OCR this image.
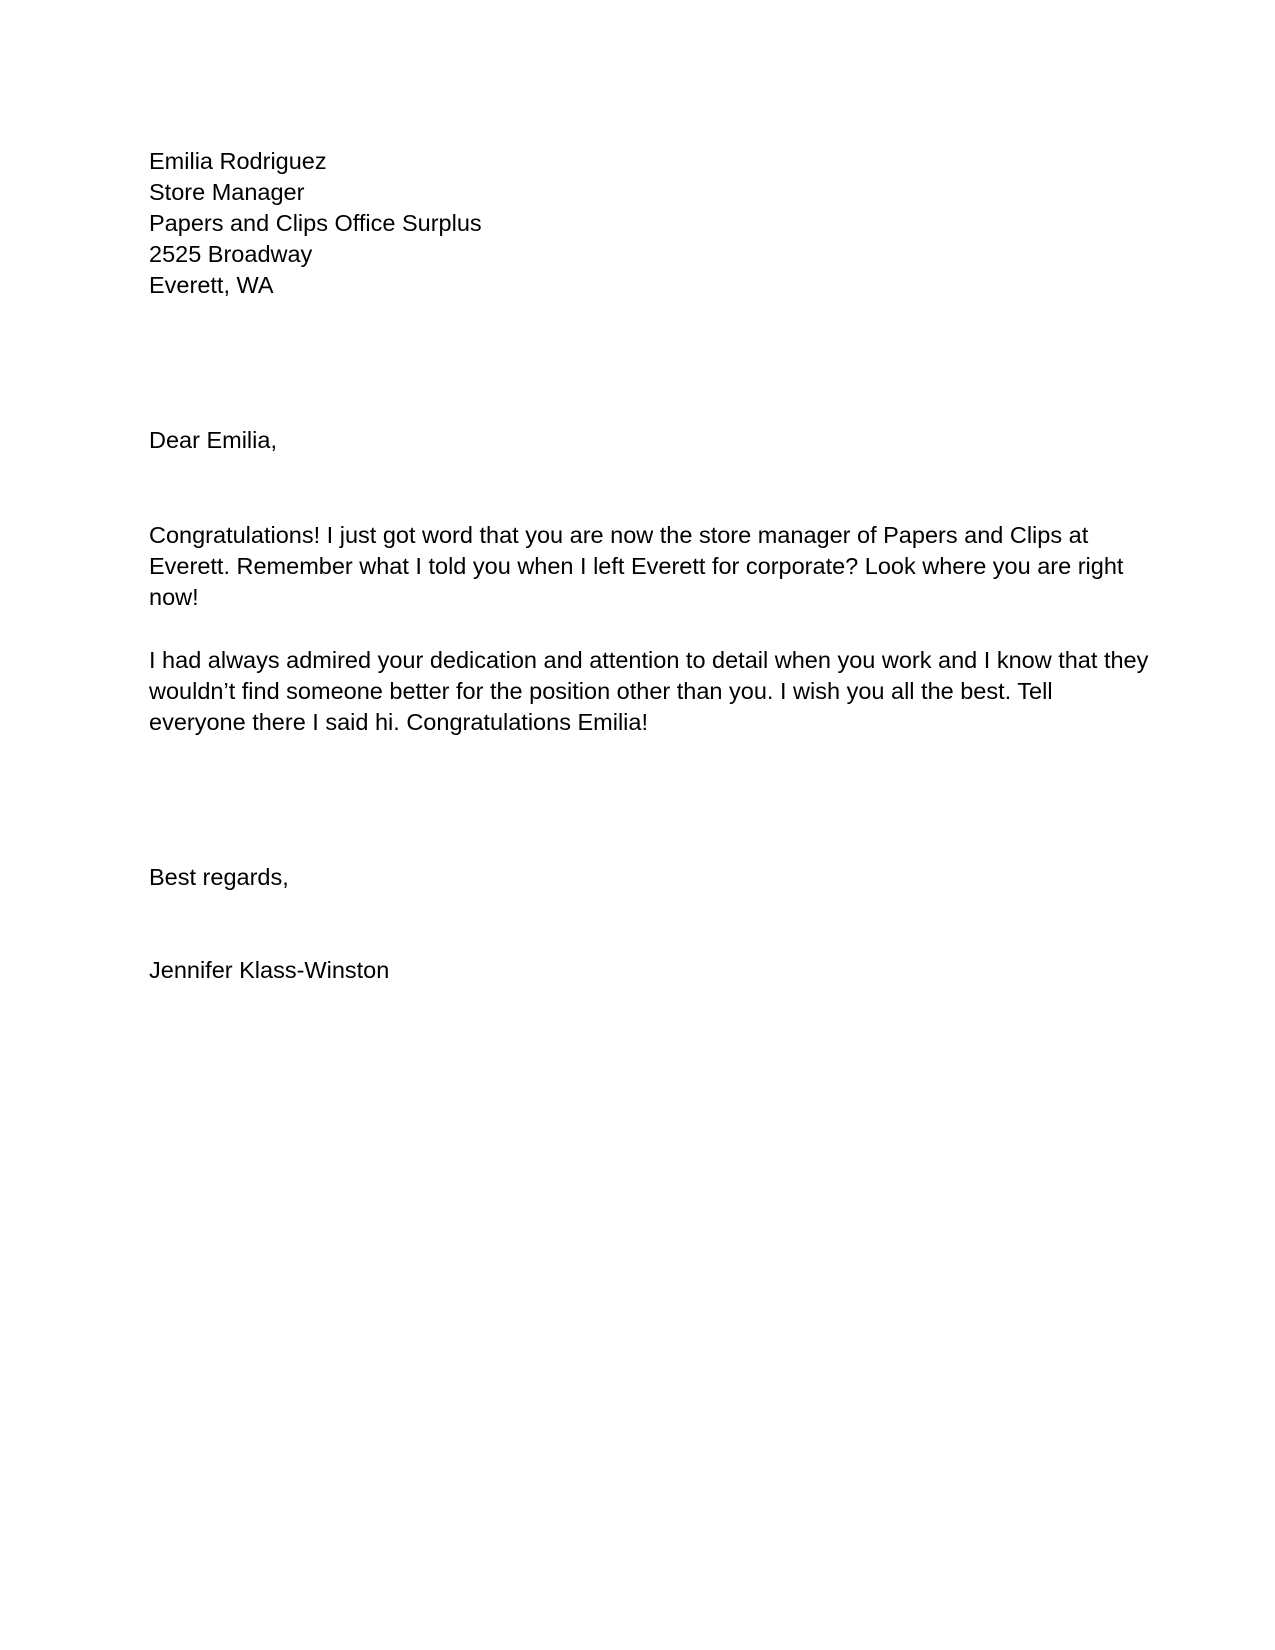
Emilia Rodriguez
Store Manager
Papers and Clips Office Surplus
2525 Broadway
Everett, WA

Dear Emilia,

Congratulations! I just got word that you are now the store manager of Papers and Clips at
Everett. Remember what I told you when I left Everett for corporate? Look where you are right
now!
I had always admired your dedication and attention to detail when you work and I know that they
wouldn’t find someone better for the position other than you. I wish you all the best. Tell
everyone there I said hi. Congratulations Emilia!

Best regards,

Jennifer Klass-Winston
